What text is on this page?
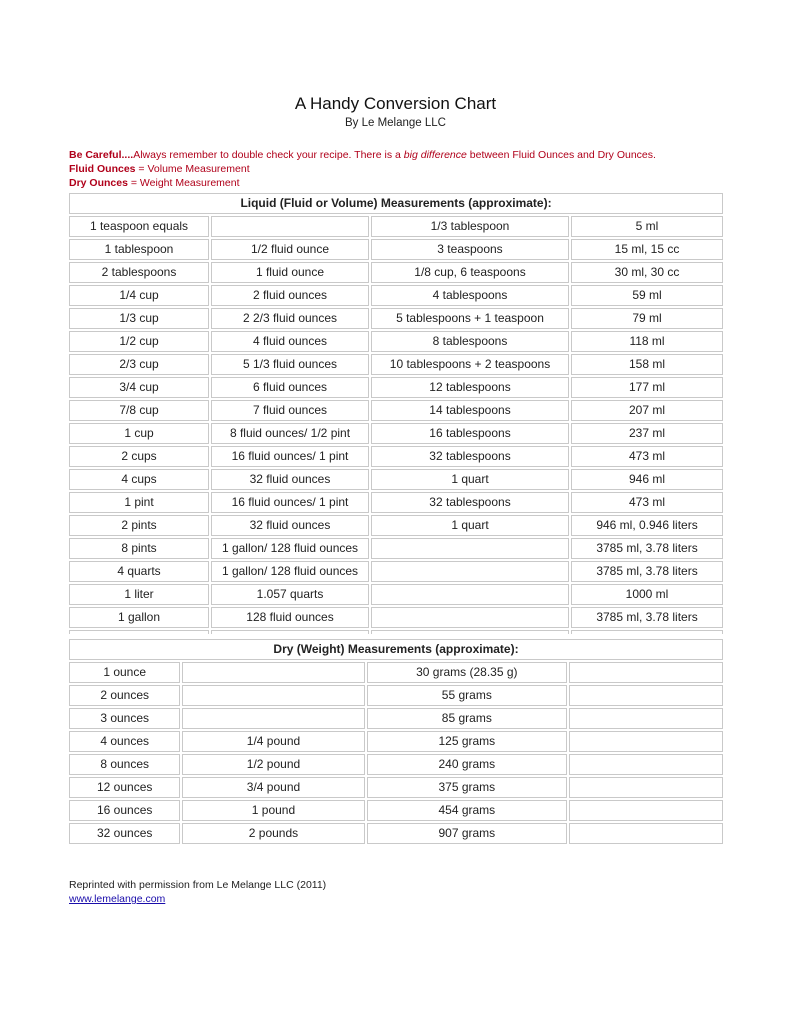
A Handy Conversion Chart
By Le Melange LLC
Be Careful....Always remember to double check your recipe. There is a big difference between Fluid Ounces and Dry Ounces.
Fluid Ounces = Volume Measurement
Dry Ounces = Weight Measurement
Liquid (Fluid or Volume) Measurements (approximate):			
1 teaspoon equals		1/3 tablespoon	5 ml
1 tablespoon	1/2 fluid ounce	3 teaspoons	15 ml, 15 cc
2 tablespoons	1 fluid ounce	1/8 cup, 6 teaspoons	30 ml, 30 cc
1/4 cup	2 fluid ounces	4 tablespoons	59 ml
1/3 cup	2 2/3 fluid ounces	5 tablespoons + 1 teaspoon	79 ml
1/2 cup	4 fluid ounces	8 tablespoons	118 ml
2/3 cup	5 1/3 fluid ounces	10 tablespoons + 2 teaspoons	158 ml
3/4 cup	6 fluid ounces	12 tablespoons	177 ml
7/8 cup	7 fluid ounces	14 tablespoons	207 ml
1 cup	8 fluid ounces/ 1/2 pint	16 tablespoons	237 ml
2 cups	16 fluid ounces/ 1 pint	32 tablespoons	473 ml
4 cups	32 fluid ounces	1 quart	946 ml
1 pint	16 fluid ounces/ 1 pint	32 tablespoons	473 ml
2 pints	32 fluid ounces	1 quart	946 ml, 0.946 liters
8 pints	1 gallon/ 128 fluid ounces		3785 ml, 3.78 liters
4 quarts	1 gallon/ 128 fluid ounces		3785 ml, 3.78 liters
1 liter	1.057 quarts		1000 ml
1 gallon	128 fluid ounces		3785 ml, 3.78 liters

Dry (Weight) Measurements (approximate):			
1 ounce		30 grams (28.35 g)	
2 ounces		55 grams	
3 ounces		85 grams	
4 ounces	1/4 pound	125 grams	
8 ounces	1/2 pound	240 grams	
12 ounces	3/4 pound	375 grams	
16 ounces	1 pound	454 grams	
32 ounces	2 pounds	907 grams	
Reprinted with permission from Le Melange LLC (2011)
www.lemelange.com
